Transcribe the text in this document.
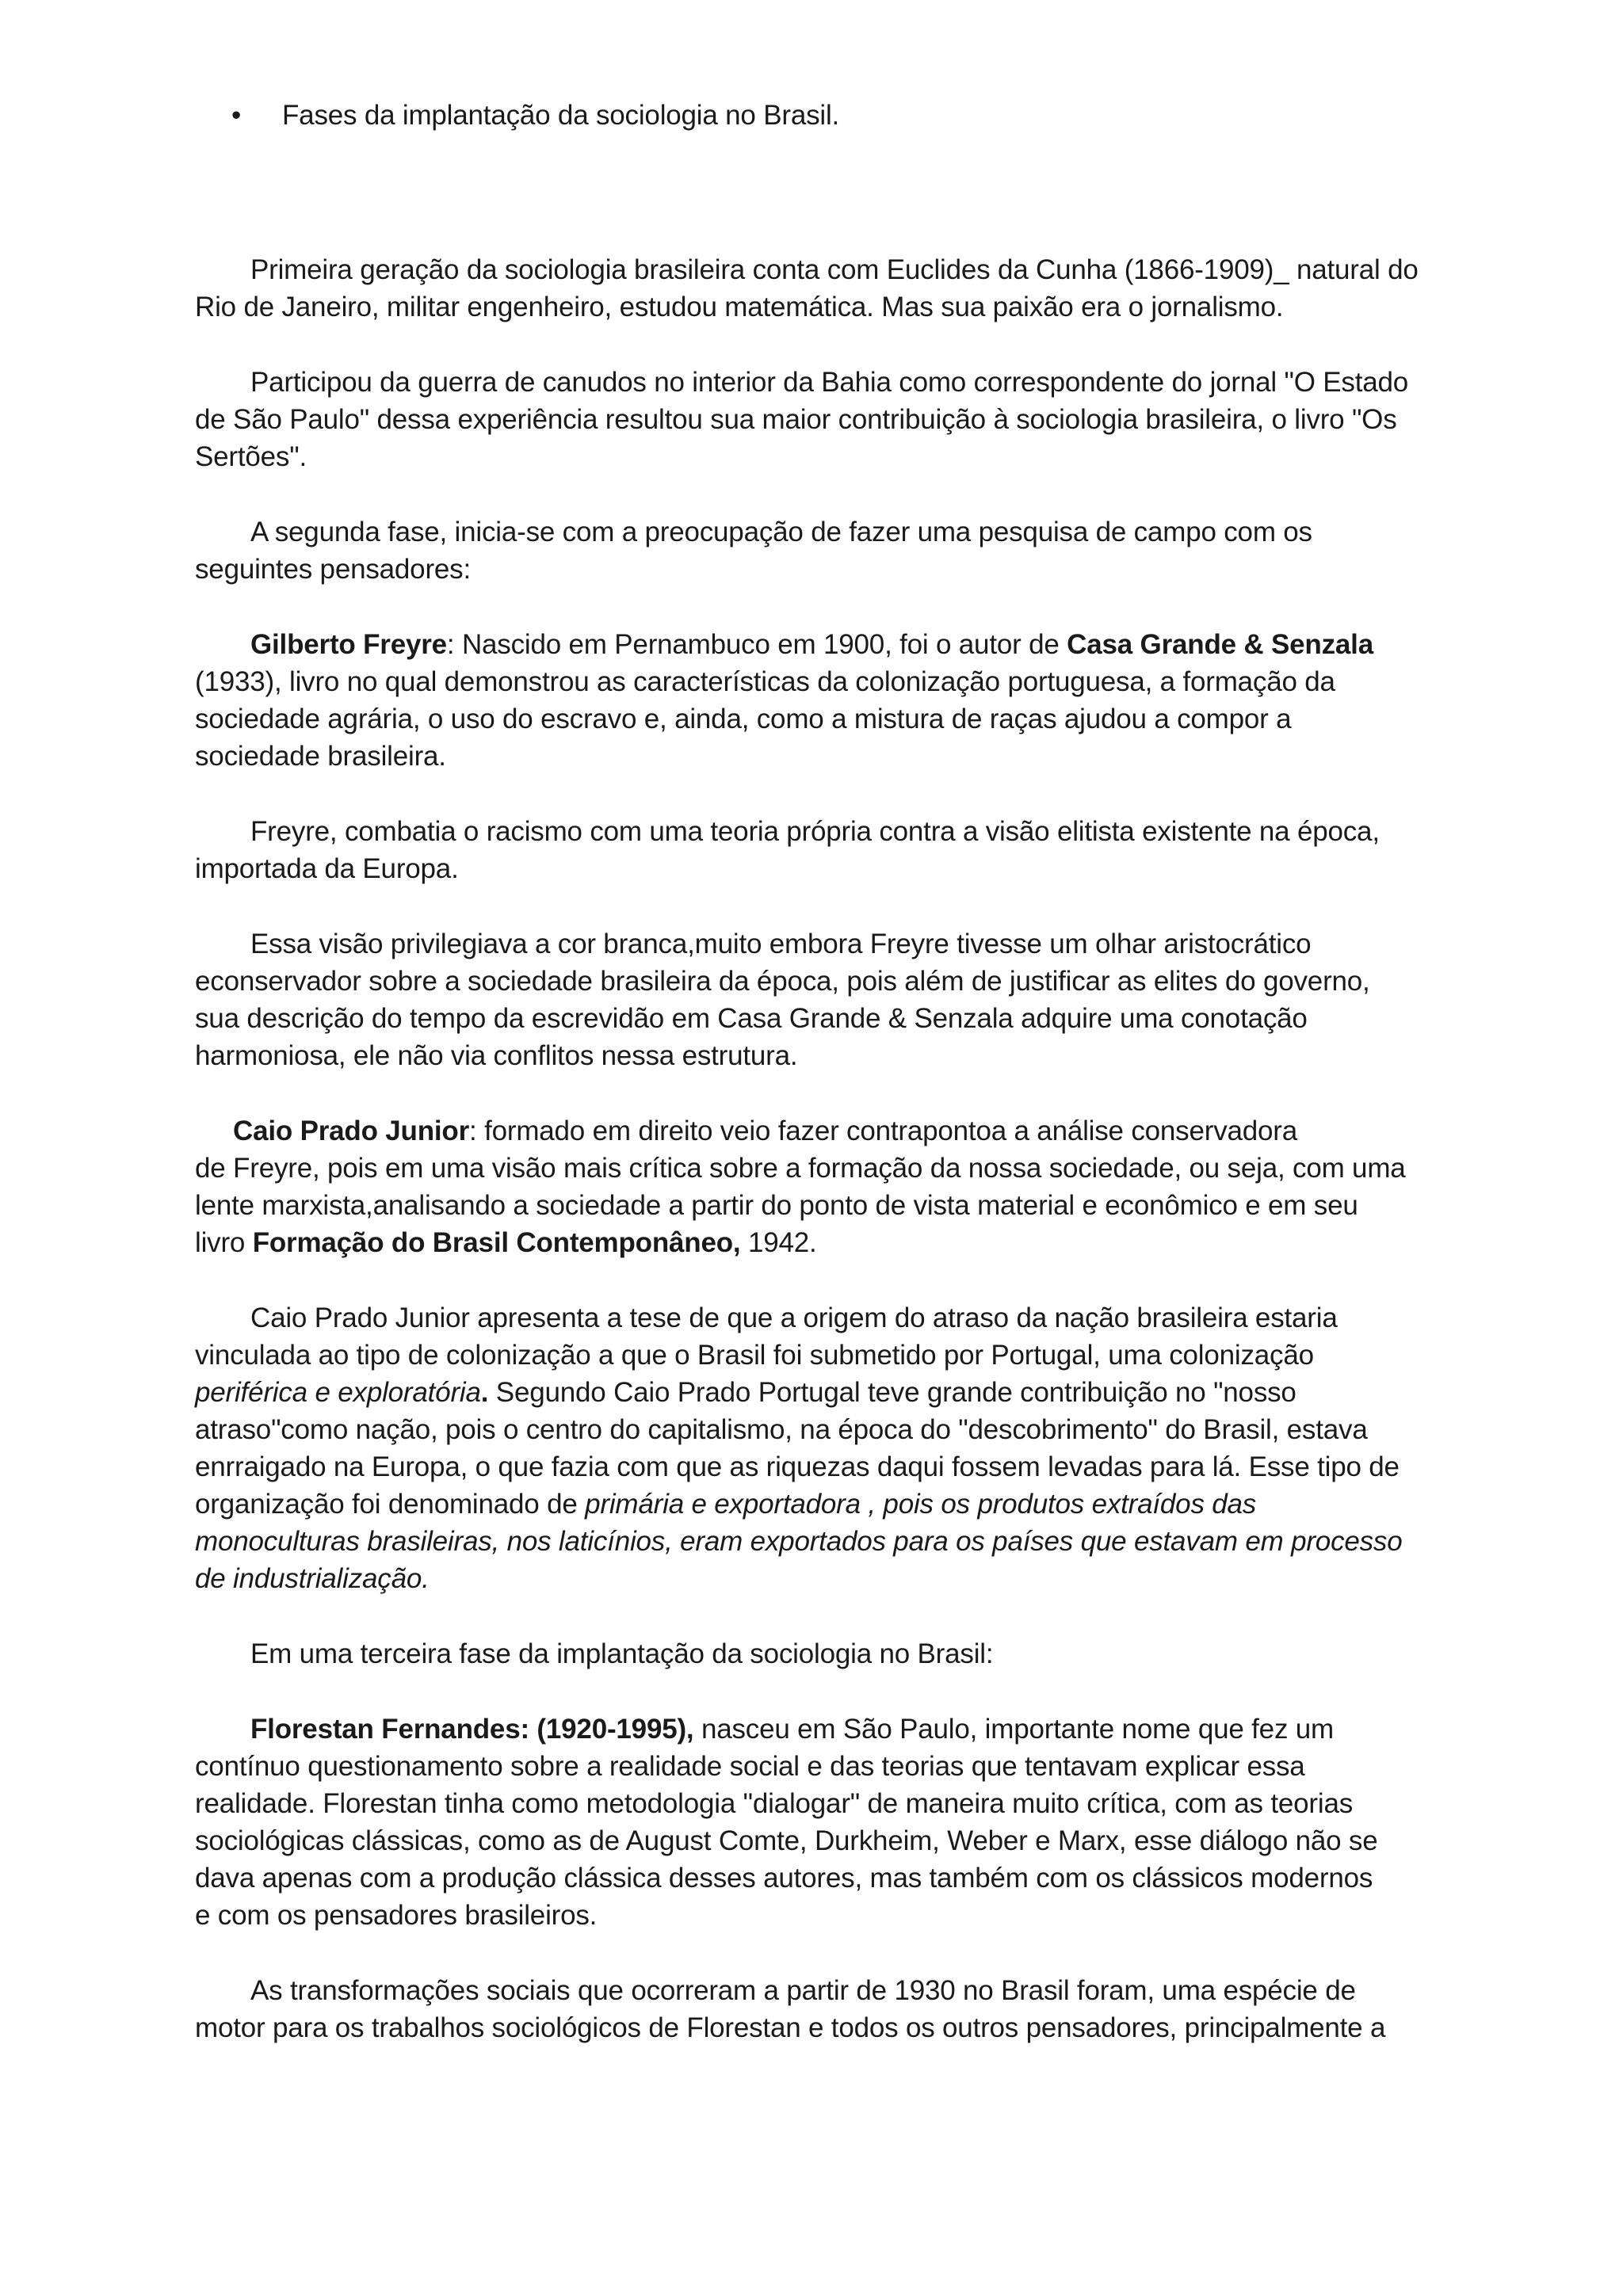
• Fases da implantação da sociologia no Brasil.

Primeira geração da sociologia brasileira conta com Euclides da Cunha (1866-1909)_ natural do
Rio de Janeiro, militar engenheiro, estudou matemática. Mas sua paixão era o jornalismo.
Participou da guerra de canudos no interior da Bahia como correspondente do jornal "O Estado
de São Paulo" dessa experiência resultou sua maior contribuição à sociologia brasileira, o livro "Os
Sertões".
A segunda fase, inicia-se com a preocupação de fazer uma pesquisa de campo com os
seguintes pensadores:
Gilberto Freyre: Nascido em Pernambuco em 1900, foi o autor de Casa Grande & Senzala
(1933), livro no qual demonstrou as características da colonização portuguesa, a formação da
sociedade agrária, o uso do escravo e, ainda, como a mistura de raças ajudou a compor a
sociedade brasileira.
Freyre, combatia o racismo com uma teoria própria contra a visão elitista existente na época,
importada da Europa.
Essa visão privilegiava a cor branca,muito embora Freyre tivesse um olhar aristocrático
econservador sobre a sociedade brasileira da época, pois além de justificar as elites do governo,
sua descrição do tempo da escrevidão em Casa Grande & Senzala adquire uma conotação
harmoniosa, ele não via conflitos nessa estrutura.
Caio Prado Junior: formado em direito veio fazer contrapontoa a análise conservadora
de Freyre, pois em uma visão mais crítica sobre a formação da nossa sociedade, ou seja, com uma
lente marxista,analisando a sociedade a partir do ponto de vista material e econômico e em seu
livro Formação do Brasil Contemponâneo, 1942.
Caio Prado Junior apresenta a tese de que a origem do atraso da nação brasileira estaria
vinculada ao tipo de colonização a que o Brasil foi submetido por Portugal, uma colonização
periférica e exploratória. Segundo Caio Prado Portugal teve grande contribuição no "nosso
atraso"como nação, pois o centro do capitalismo, na época do "descobrimento" do Brasil, estava
enrraigado na Europa, o que fazia com que as riquezas daqui fossem levadas para lá. Esse tipo de
organização foi denominado de primária e exportadora , pois os produtos extraídos das
monoculturas brasileiras, nos laticínios, eram exportados para os países que estavam em processo
de industrialização.
Em uma terceira fase da implantação da sociologia no Brasil:
Florestan Fernandes: (1920-1995), nasceu em São Paulo, importante nome que fez um
contínuo questionamento sobre a realidade social e das teorias que tentavam explicar essa
realidade. Florestan tinha como metodologia "dialogar" de maneira muito crítica, com as teorias
sociológicas clássicas, como as de August Comte, Durkheim, Weber e Marx, esse diálogo não se
dava apenas com a produção clássica desses autores, mas também com os clássicos modernos
e com os pensadores brasileiros.
As transformações sociais que ocorreram a partir de 1930 no Brasil foram, uma espécie de
motor para os trabalhos sociológicos de Florestan e todos os outros pensadores, principalmente a
